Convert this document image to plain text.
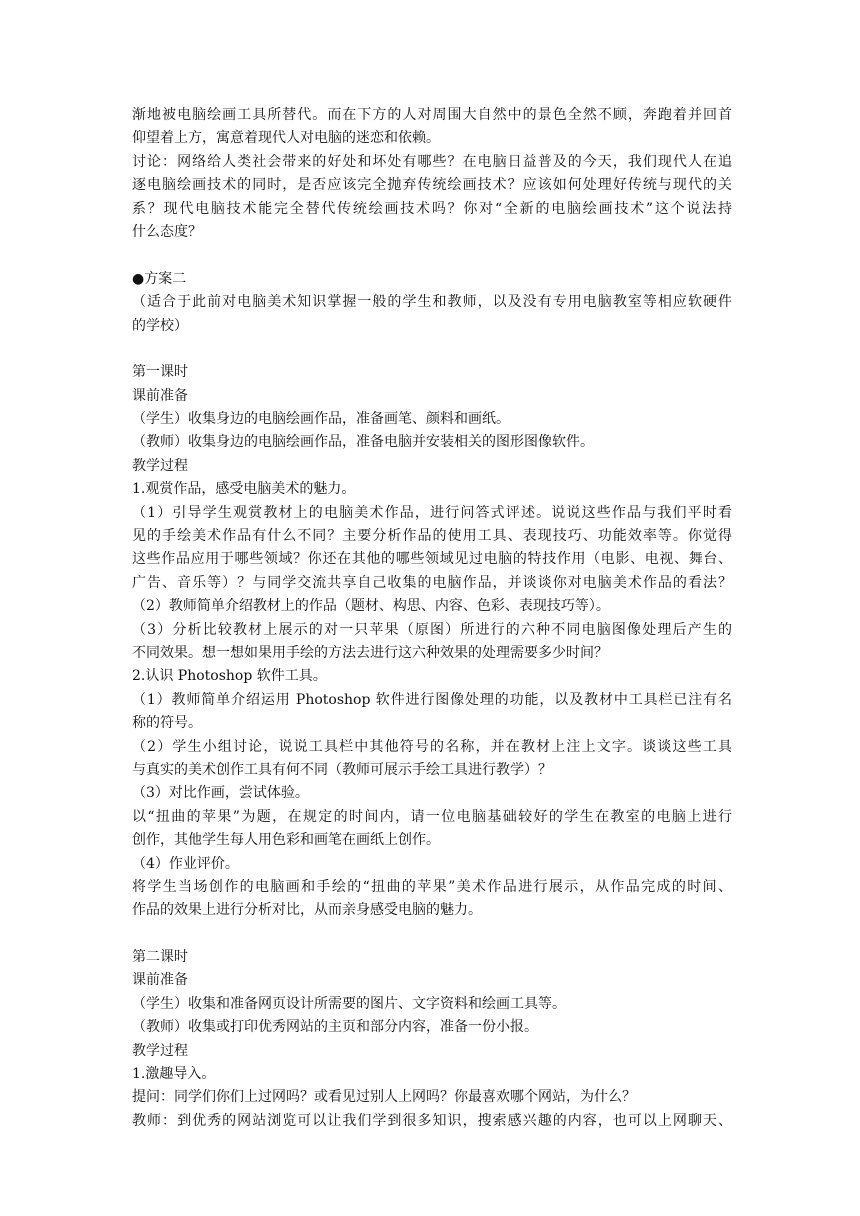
渐地被电脑绘画工具所替代。而在下方的人对周围大自然中的景色全然不顾，奔跑着并回首
仰望着上方，寓意着现代人对电脑的迷恋和依赖。
讨论：网络给人类社会带来的好处和坏处有哪些？在电脑日益普及的今天，我们现代人在追
逐电脑绘画技术的同时，是否应该完全抛弃传统绘画技术？应该如何处理好传统与现代的关
系？现代电脑技术能完全替代传统绘画技术吗？你对“全新的电脑绘画技术”这个说法持
什么态度？
●方案二
（适合于此前对电脑美术知识掌握一般的学生和教师，以及没有专用电脑教室等相应软硬件
的学校）
第一课时
课前准备
（学生）收集身边的电脑绘画作品，准备画笔、颜料和画纸。
（教师）收集身边的电脑绘画作品，准备电脑并安装相关的图形图像软件。
教学过程
1.观赏作品，感受电脑美术的魅力。
（1）引导学生观赏教材上的电脑美术作品，进行问答式评述。说说这些作品与我们平时看
见的手绘美术作品有什么不同？主要分析作品的使用工具、表现技巧、功能效率等。你觉得
这些作品应用于哪些领域？你还在其他的哪些领域见过电脑的特技作用（电影、电视、舞台、
广告、音乐等）？与同学交流共享自己收集的电脑作品，并谈谈你对电脑美术作品的看法？
（2）教师简单介绍教材上的作品（题材、构思、内容、色彩、表现技巧等）。
（3）分析比较教材上展示的对一只苹果（原图）所进行的六种不同电脑图像处理后产生的
不同效果。想一想如果用手绘的方法去进行这六种效果的处理需要多少时间？
2.认识 Photoshop 软件工具。
（1）教师简单介绍运用 Photoshop 软件进行图像处理的功能，以及教材中工具栏已注有名
称的符号。
（2）学生小组讨论，说说工具栏中其他符号的名称，并在教材上注上文字。谈谈这些工具
与真实的美术创作工具有何不同（教师可展示手绘工具进行教学）？
（3）对比作画，尝试体验。
以“扭曲的苹果”为题，在规定的时间内，请一位电脑基础较好的学生在教室的电脑上进行
创作，其他学生每人用色彩和画笔在画纸上创作。
（4）作业评价。
将学生当场创作的电脑画和手绘的“扭曲的苹果”美术作品进行展示，从作品完成的时间、
作品的效果上进行分析对比，从而亲身感受电脑的魅力。
第二课时
课前准备
（学生）收集和准备网页设计所需要的图片、文字资料和绘画工具等。
（教师）收集或打印优秀网站的主页和部分内容，准备一份小报。
教学过程
1.激趣导入。
提问：同学们你们上过网吗？或看见过别人上网吗？你最喜欢哪个网站，为什么？
教师：到优秀的网站浏览可以让我们学到很多知识，搜索感兴趣的内容，也可以上网聊天、
